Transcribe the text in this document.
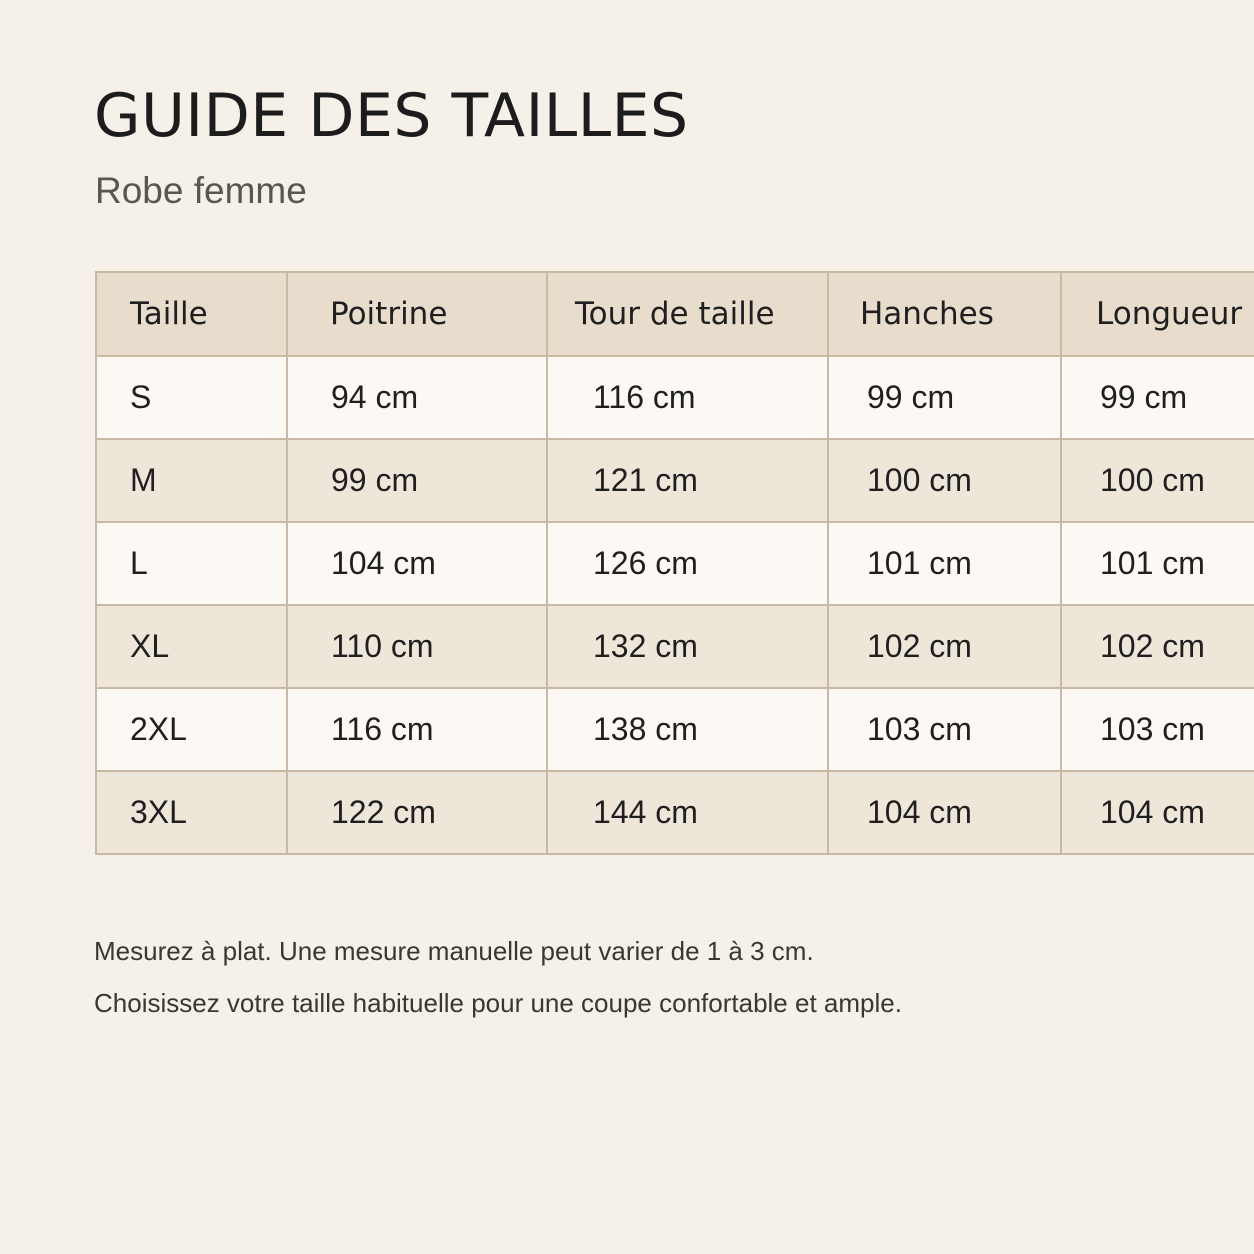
GUIDE DES TAILLES

Robe femme

Taille	Poitrine	Tour de taille	Hanches	Longueur
S	94 cm	116 cm	99 cm	99 cm
M	99 cm	121 cm	100 cm	100 cm
L	104 cm	126 cm	101 cm	101 cm
XL	110 cm	132 cm	102 cm	102 cm
2XL	116 cm	138 cm	103 cm	103 cm
3XL	122 cm	144 cm	104 cm	104 cm

Mesurez à plat. Une mesure manuelle peut varier de 1 à 3 cm.

Choisissez votre taille habituelle pour une coupe confortable et ample.
